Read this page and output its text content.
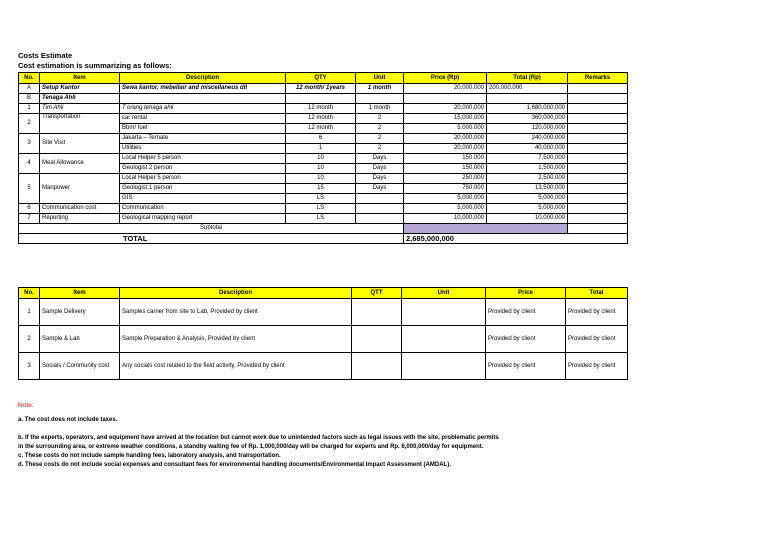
Costs Estimate
Cost estimation is summarizing as follows:
No.	Item	Description	QTY	Unit	Price (Rp)	Total (Rp)	Remarks
A	Setup Kantor	Sewa kantor, mebellair and miscellaneus dll	12 month/ 1years	1 month	20.000.000	200.000.000	
B	Tenaga Ahli						
1	Tim Ahli	7 orang tenaga ahli	12 month	1 month	20,000,000	1,680,000,000	
2	Transportation	car rental	12 month	2	15,000,000	360,000,000	
		Bbm/ fuel	12 month	2	5.000.000	120,000,000	
3	Site Visit	Jakarta – Ternate	6	2	20,000,000	240,000,000	
		Utilities	1	2	20,000,000	40,000,000	
4	Meal Allowance	Local Helper 5 person	10	Days	150.000	7,500,000	
		Geologist 2 person	10	Days	150.000	1,500,000	
5	Manpower	Local Helper 5 person	10	Days	250.000	2,500,000	
		Geologist 1 person	15	Days	750.000	13,500,000	
		GIS	LS		5,000,000	5,000,000	
6	Communication cost	Communication	LS		5,000,000	5,000,000	
7	Reporting	Geological mapping report	LS		10,000,000	10,000,000	
Subtotal							
TOTAL					2,685,000,000		
No.	Item	Description	QTT	Unit	Price	Total
1	Sample Delivery	Samples carrier from site to Lab, Provided by client			Provided by client	Provided by client
2	Sample & Lab	Sample Preparation & Analysis, Provided by client			Provided by client	Provided by client
3	Socials / Community cost	Any socials cost related to the field activity, Provided by client			Provided by client	Provided by client
Note:

a. The cost does not include taxes.

b. If the experts, operators, and equipment have arrived at the location but cannot work due to unintended factors such as legal issues with the site, problematic permits

in the surrounding area, or extreme weather conditions, a standby waiting fee of Rp. 1,000,000/day will be charged for experts and Rp. 6,000,000/day for equipment.

c. These costs do not include sample handling fees, laboratory analysis, and transportation.

d. These costs do not include social expenses and consultant fees for environmental handling documents/Environmental Impact Assessment (AMDAL).
